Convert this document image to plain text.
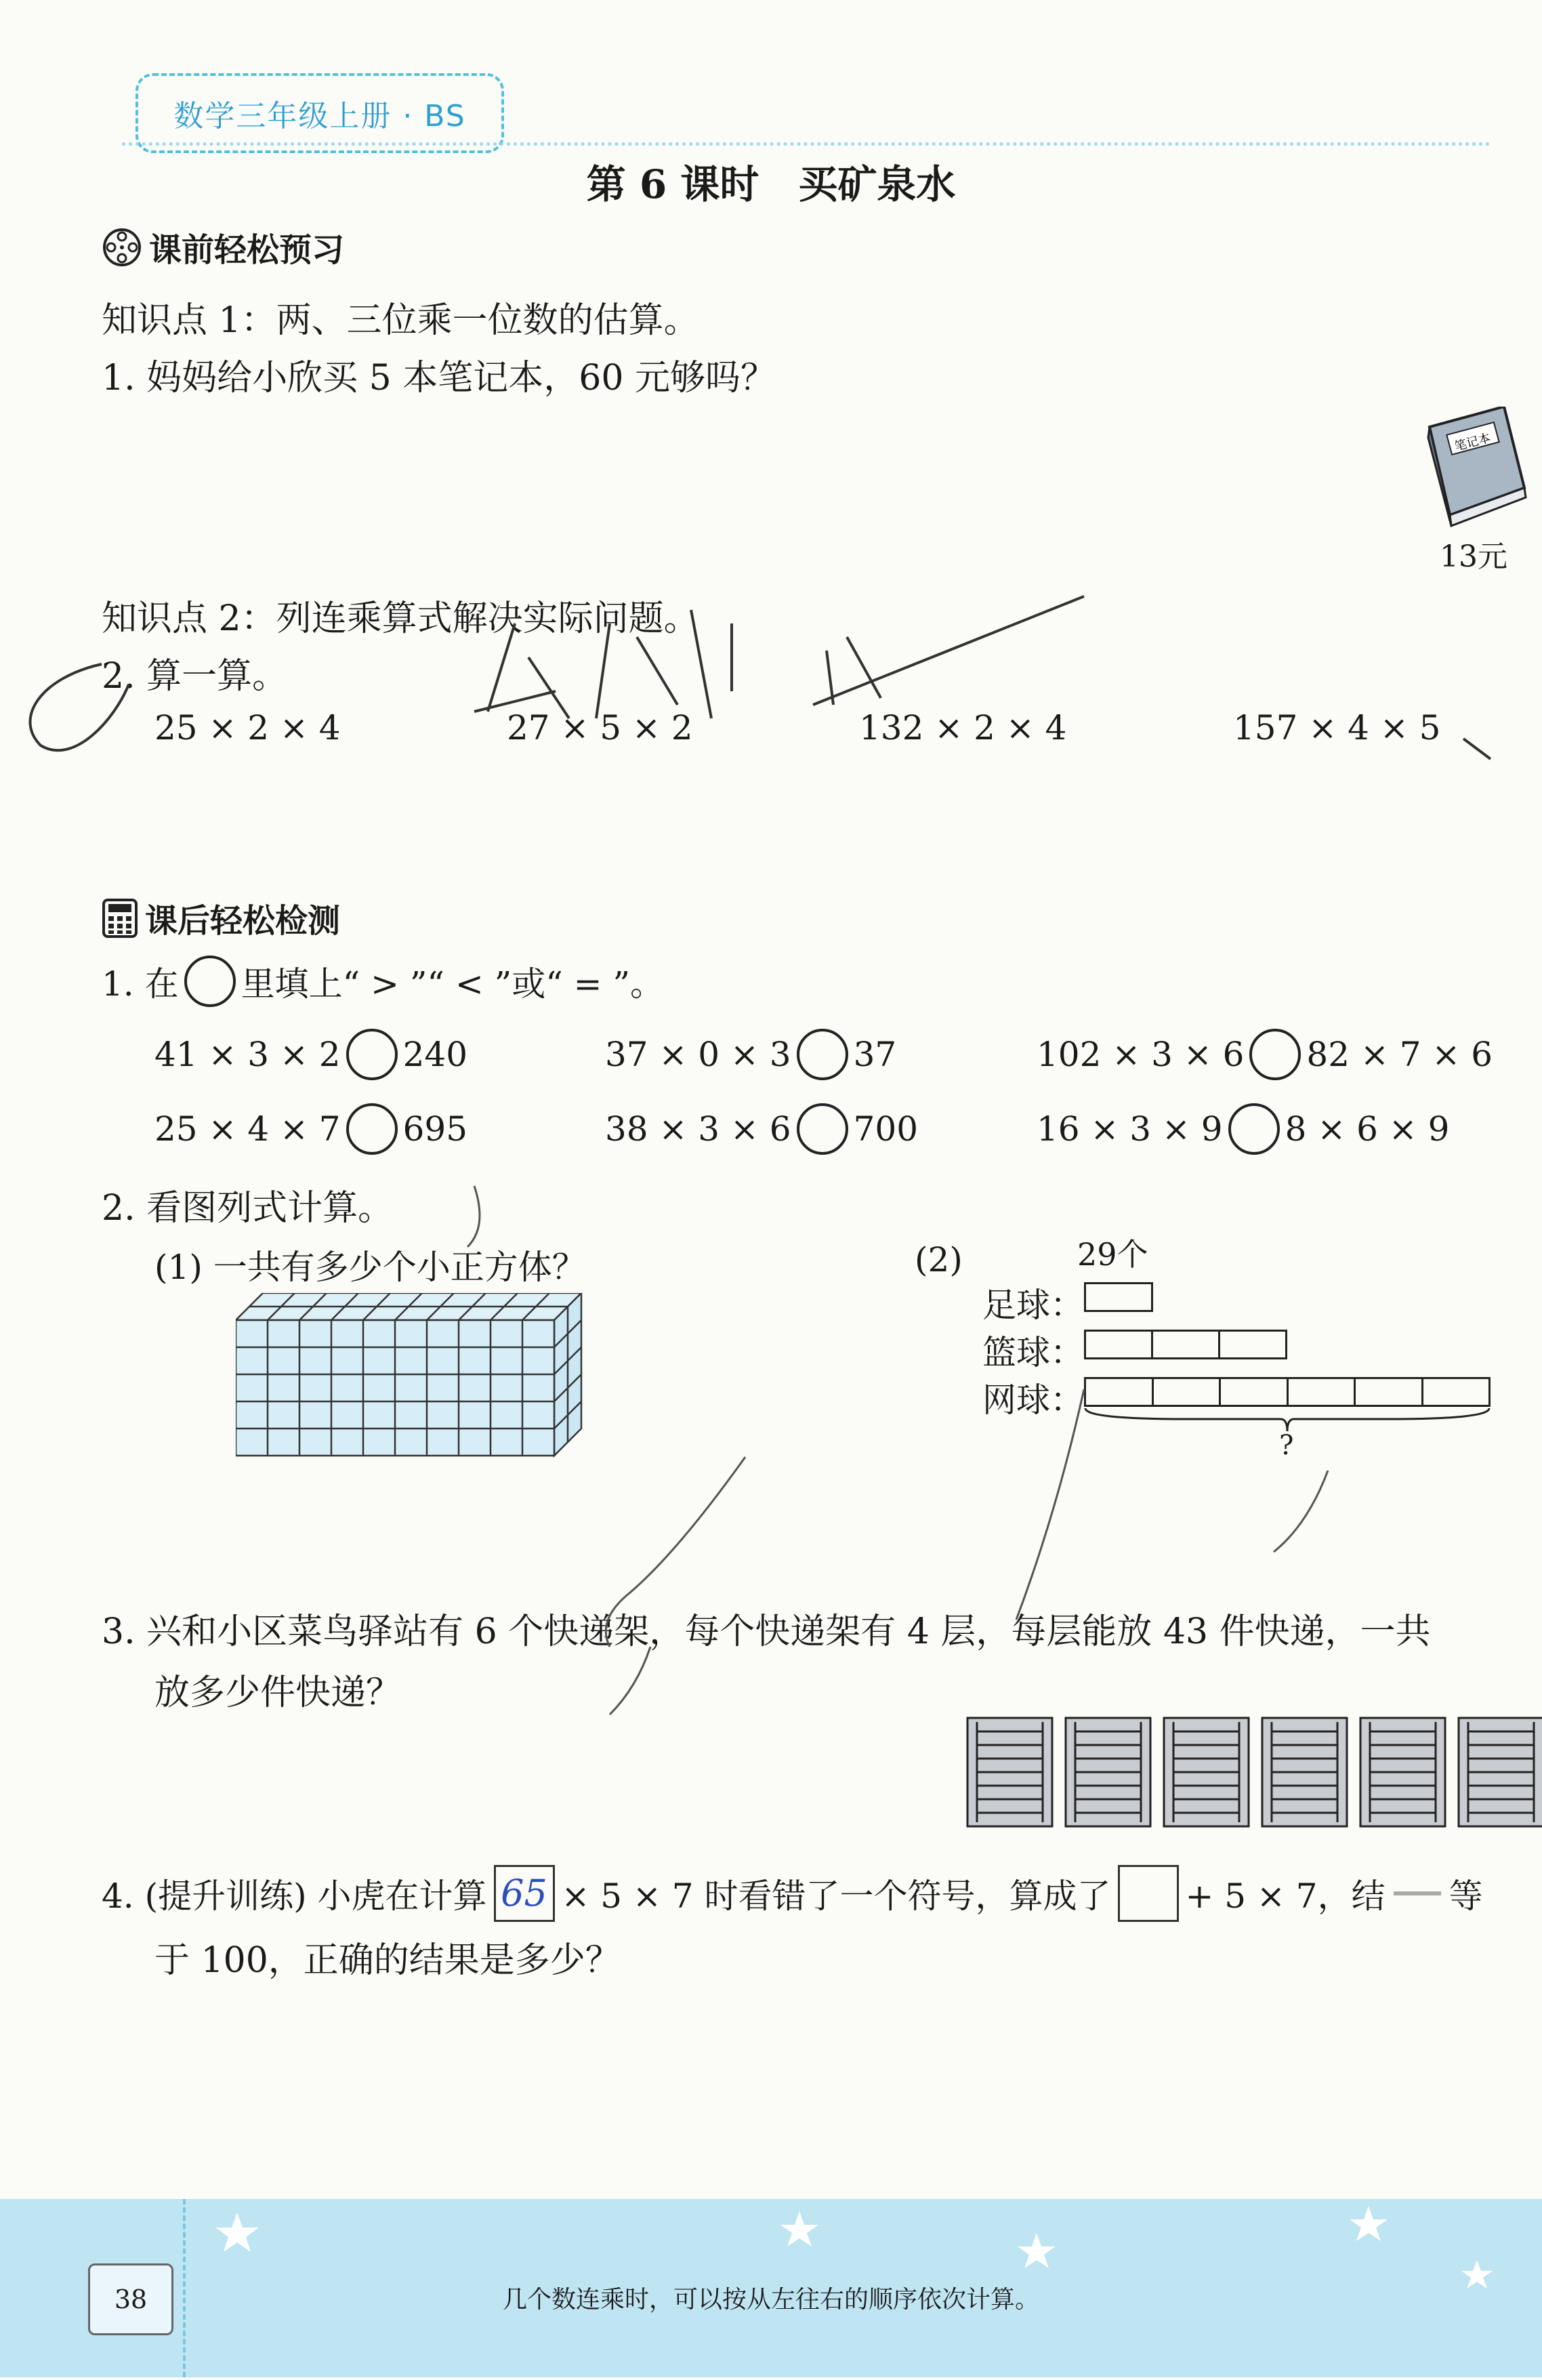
数学三年级上册 · BS
第 6 课时　买矿泉水
课前轻松预习
知识点 1：两、三位乘一位数的估算。
1. 妈妈给小欣买 5 本笔记本，60 元够吗？
笔记本
13元
知识点 2：列连乘算式解决实际问题。
2. 算一算。
25 × 2 × 4	27 × 5 × 2	132 × 2 × 4	157 × 4 × 5
课后轻松检测
1. 在 里填上“ > ”“ < ”或“ = ”。
41 × 3 × 2 240	37 × 0 × 3 37	102 × 3 × 6 82 × 7 × 6
25 × 4 × 7 695	38 × 3 × 6 700	16 × 3 × 9 8 × 6 × 9
2. 看图列式计算。
(1) 一共有多少个小正方体？	(2)	29个
足球：
篮球：
网球：
?
3. 兴和小区菜鸟驿站有 6 个快递架，每个快递架有 4 层，每层能放 43 件快递，一共
放多少件快递？
4. (提升训练) 小虎在计算 65 × 5 × 7 时看错了一个符号，算成了 + 5 × 7，结 等
于 100，正确的结果是多少？
38	几个数连乘时，可以按从左往右的顺序依次计算。
